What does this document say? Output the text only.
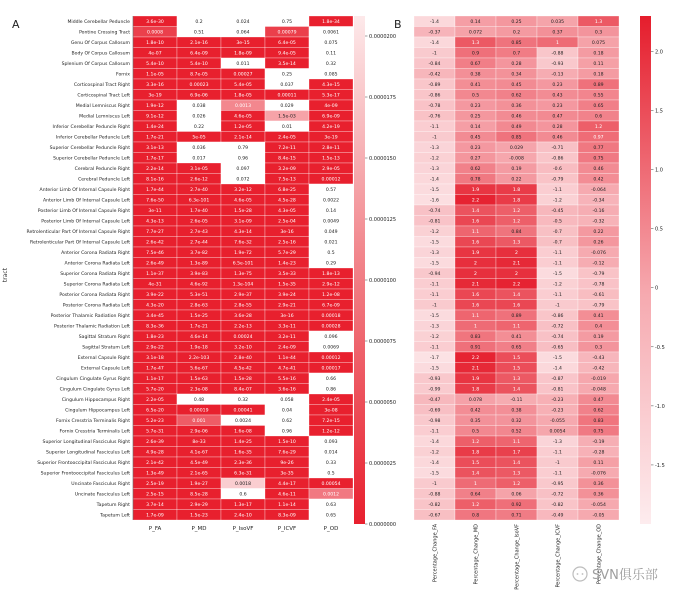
A	B
tract
Middle Cerebellar Peduncle	3.6e-30	0.2	0.024	0.75	1.8e-34
Pontine Crossing Tract	0.0008	0.51	0.064	0.00079	0.0061
Genu Of Corpus Callosum	1.8e-10	2.1e-16	3e-15	6.4e-05	0.075
Body Of Corpus Callosum	4e-07	6.4e-09	1.8e-09	9.4e-05	0.11
Splenium Of Corpus Callosum	5.4e-10	5.4e-10	0.011	3.5e-14	0.32
Fornix	1.1e-05	8.7e-05	0.00027	0.25	0.085
Corticospinal Tract Right	3.3e-16	0.00023	5.4e-05	0.037	4.3e-15
Corticospinal Tract Left	3e-19	6.9e-06	1.8e-05	0.00011	5.3e-17
Medial Lemniscus Right	1.9e-12	0.038	0.0013	0.029	4e-09
Medial Lemniscus Left	9.1e-12	0.026	4.6e-05	1.5e-03	6.9e-09
Inferior Cerebellar Peduncle Right	1.4e-24	0.22	1.2e-05	0.01	4.2e-19
Inferior Cerebellar Peduncle Left	1.7e-21	5e-05	2.1e-14	2.4e-05	3e-19
Superior Cerebellar Peduncle Right	3.1e-13	0.036	0.79	7.2e-11	2.8e-11
Superior Cerebellar Peduncle Left	1.7e-17	0.017	0.96	8.4e-15	1.5e-13
Cerebral Peduncle Right	2.2e-14	3.1e-05	0.097	3.2e-09	2.9e-05
Cerebral Peduncle Left	8.1e-16	2.6e-12	0.072	7.5e-13	0.00012
Anterior Limb Of Internal Capsule Right	1.7e-44	2.7e-40	3.2e-12	6.8e-25	0.57
Anterior Limb Of Internal Capsule Left	7.6e-50	6.3e-101	4.6e-05	4.5e-28	0.0022
Posterior Limb Of Internal Capsule Right	3e-11	1.7e-40	1.5e-28	4.3e-05	0.14
Posterior Limb Of Internal Capsule Left	4.3e-13	2.6e-05	3.1e-09	2.5e-04	0.0049
Retrolenticular Part Of Internal Capsule Right	7.7e-27	2.7e-43	4.3e-14	3e-16	0.049
Retrolenticular Part Of Internal Capsule Left	2.6e-42	2.7e-44	7.6e-32	2.5e-16	0.021
Anterior Corona Radiata Right	7.5e-46	3.7e-82	1.9e-72	5.7e-29	0.5
Anterior Corona Radiata Left	2.6e-49	1.3e-89	6.5e-101	1.4e-23	0.29
Superior Corona Radiata Right	1.1e-37	3.9e-83	1.3e-75	3.5e-33	1.8e-13
Superior Corona Radiata Left	4e-31	4.6e-92	1.3e-104	1.5e-35	2.9e-12
Posterior Corona Radiata Right	3.9e-22	5.3e-51	2.9e-37	3.9e-24	1.2e-08
Posterior Corona Radiata Left	4.3e-20	2.8e-63	2.8e-55	2.9e-21	6.7e-09
Posterior Thalamic Radiation Right	3.4e-45	1.5e-25	3.6e-28	3e-16	0.00018
Posterior Thalamic Radiation Left	8.3e-36	1.7e-21	2.2e-13	3.3e-11	0.00028
Sagittal Stratum Right	1.8e-23	4.6e-14	0.00024	3.2e-11	0.096
Sagittal Stratum Left	2.9e-22	1.9e-18	3.2e-10	2.4e-09	0.0069
External Capsule Right	3.1e-18	2.2e-103	2.8e-40	1.1e-44	0.00012
External Capsule Left	1.7e-47	5.6e-67	4.5e-42	4.7e-41	0.00017
Cingulum Cingulate Gyrus Right	1.1e-17	1.5e-63	1.5e-28	5.5e-16	0.66
Cingulum Cingulate Gyrus Left	5.7e-20	2.3e-08	8.4e-07	3.6e-16	0.86
Cingulum Hippocampus Right	2.2e-05	0.48	0.32	0.058	2.4e-05
Cingulum Hippocampus Left	6.5e-20	0.00019	0.00041	0.04	3e-08
Fornix Cresstria Terminalis Right	5.2e-23	0.001	0.0024	0.62	7.2e-15
Fornix Cresstria Terminalis Left	5.7e-31	2.9e-06	1.6e-08	0.96	1.2e-12
Superior Longitudinal Fasciculus Right	2.6e-39	8e-33	1.4e-25	1.5e-10	0.093
Superior Longitudinal Fasciculus Left	4.9e-28	4.1e-67	1.6e-35	7.6e-29	0.014
Superior Frontooccipital Fasciculus Right	2.1e-42	4.5e-49	2.3e-36	9e-26	0.33
Superior Frontooccipital Fasciculus Left	1.3e-49	2.1e-65	6.3e-31	3e-35	0.5
Uncinate Fasciculus Right	2.5e-19	1.9e-27	0.0018	4.4e-17	0.00054
Uncinate Fasciculus Left	2.5e-15	8.5e-28	0.6	4.6e-11	0.0012
Tapetum Right	3.7e-14	2.9e-29	1.3e-17	1.1e-14	0.63
Tapetum Left	1.7e-09	1.5e-23	2.4e-10	8.3e-09	0.65
P_FA	P_MD	P_IsoVF	P_ICVF	P_OD
-1.4	0.14	0.25	0.035	1.3
-0.37	0.072	0.2	0.37	0.3
-1.4	1.3	0.85	1	0.075
-1	0.9	0.7	-0.88	0.18
-0.84	0.67	0.28	-0.93	0.11
-0.42	0.38	0.34	-0.13	0.18
-0.89	0.41	0.45	0.23	0.89
-0.86	0.5	0.62	0.43	0.55
-0.78	0.23	0.36	0.23	0.65
-0.76	0.25	0.46	0.47	0.6
-1.1	0.14	0.49	0.28	1.2
-1	0.45	0.85	0.46	0.97
-1.3	0.23	0.029	-0.71	0.77
-1.2	0.27	-0.008	-0.86	0.75
-1.3	0.62	0.19	-0.6	0.46
-1.4	0.78	0.22	-0.79	0.42
-1.5	1.9	1.8	-1.1	-0.064
-1.6	2.2	1.8	-1.2	-0.34
-0.74	1.4	1.2	-0.45	-0.16
-0.81	1.6	1.2	-0.5	-0.32
-1.2	1.1	0.84	-0.7	0.22
-1.5	1.6	1.3	-0.7	0.26
-1.3	1.9	2	-1.1	-0.076
-1.5	2	2.1	-1.1	-0.12
-0.94	2	2	-1.5	-0.79
-1.1	2.1	2.2	-1.2	-0.78
-1.1	1.6	1.4	-1.1	-0.61
-1	1.6	1.6	-1	-0.79
-1.5	1.1	0.89	-0.86	0.41
-1.3	1	1.1	-0.72	0.4
-1.2	0.83	0.41	-0.74	0.19
-1.1	0.91	0.65	-0.65	0.3
-1.7	2.2	1.5	-1.5	-0.43
-1.5	2.1	1.5	-1.4	-0.42
-0.93	1.9	1.3	-0.87	-0.019
-0.99	1.8	1.4	-0.81	-0.048
-0.47	0.078	-0.11	-0.23	0.47
-0.69	0.42	0.38	-0.23	0.62
-0.98	0.35	0.32	-0.055	0.83
-1.1	0.5	0.52	0.0054	0.75
-1.4	1.2	1.1	-1.3	-0.19
-1.2	1.8	1.7	-1.1	-0.28
-1.4	1.5	1.4	-1	0.11
-1.5	1.4	1.3	-1.1	-0.076
-1	1	1.2	-0.95	0.36
-0.88	0.64	0.06	-0.72	0.36
-0.82	1.2	0.92	-0.82	-0.054
-0.67	0.8	0.71	-0.49	-0.05
Percentage_Change_FA	Percentage_Change_MD	Percentage_Change_IsoVF	Percentage_Change_ICVF	Percentage_Change_OD
0.0000200
0.0000175
0.0000150
0.0000125
0.0000100
0.0000075
0.0000050
0.0000025
0.0000000
2.0
1.5
1.0
0.5
0
-0.5
-1.0
-1.5
SVN俱乐部
